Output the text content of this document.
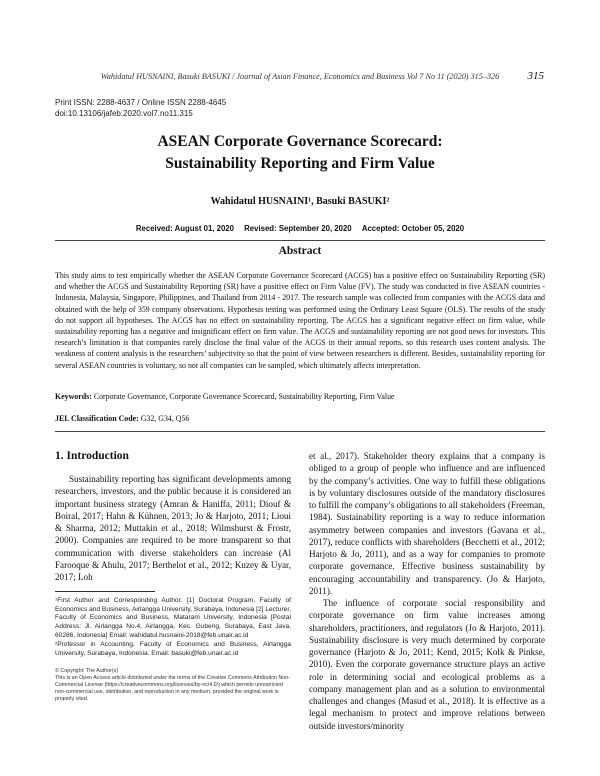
Wahidatul HUSNAINI, Basuki BASUKI / Journal of Asian Finance, Economics and Business Vol 7 No 11 (2020) 315–326	315
Print ISSN: 2288-4637 / Online ISSN 2288-4645
doi:10.13106/jafeb.2020.vol7.no11.315
ASEAN Corporate Governance Scorecard:
Sustainability Reporting and Firm Value
Wahidatul HUSNAINI¹, Basuki BASUKI²
Received: August 01, 2020 Revised: September 20, 2020 Accepted: October 05, 2020
Abstract
This study aims to test empirically whether the ASEAN Corporate Governance Scorecard (ACGS) has a positive effect on Sustainability Reporting (SR) and whether the ACGS and Sustainability Reporting (SR) have a positive effect on Firm Value (FV). The study was conducted in five ASEAN countries - Indonesia, Malaysia, Singapore, Philippines, and Thailand from 2014 - 2017. The research sample was collected from companies with the ACGS data and obtained with the help of 359 company observations. Hypothesis testing was performed using the Ordinary Least Square (OLS). The results of the study do not support all hypotheses. The ACGS has no effect on sustainability reporting. The ACGS has a significant negative effect on firm value, while sustainability reporting has a negative and insignificant effect on firm value. The ACGS and sustainability reporting are not good news for investors. This research’s limitation is that companies rarely disclose the final value of the ACGS in their annual reports, so this research uses content analysis. The weakness of content analysis is the researchers’ subjectivity so that the point of view between researchers is different. Besides, sustainability reporting for several ASEAN countries is voluntary, so not all companies can be sampled, which ultimately affects interpretation.
Keywords: Corporate Governance, Corporate Governance Scorecard, Sustainability Reporting, Firm Value
JEL Classification Code: G32, G34, Q56
1. Introduction

Sustainability reporting has significant developments among researchers, investors, and the public because it is considered an important business strategy (Amran & Haniffa, 2011; Diouf & Boiral, 2017; Hahn & Kühnen, 2013; Jo & Harjoto, 2011; Lioui & Sharma, 2012; Muttakin et al., 2018; Wilmshurst & Frostr, 2000). Companies are required to be more transparent so that communication with diverse stakeholders can increase (Al Farooque & Ahulu, 2017; Berthelot et al., 2012; Kuzey & Uyar, 2017; Loh

¹First Author and Corresponding Author. [1] Doctoral Program, Faculty of Economics and Business, Airlangga University, Surabaya, Indonesia [2] Lecturer, Faculty of Economics and Business, Mataram University, Indonesia [Postal Address: Jl. Airlangga No.4, Airlangga, Kec. Gubeng, Surabaya, East Java, 60286, Indonesia] Email: wahidatul.husnaini-2018@feb.unair.ac.id

²Professor in Accounting, Faculty of Economics and Business, Airlangga University, Surabaya, Indonesia. Email: basuki@feb.unair.ac.id

© Copyright: The Author(s)

This is an Open Access article distributed under the terms of the Creative Commons Attribution Non-Commercial License (https://creativecommons.org/licenses/by-nc/4.0/) which permits unrestricted non-commercial use, distribution, and reproduction in any medium, provided the original work is properly cited.

et al., 2017). Stakeholder theory explains that a company is obliged to a group of people who influence and are influenced by the company’s activities. One way to fulfill these obligations is by voluntary disclosures outside of the mandatory disclosures to fulfill the company’s obligations to all stakeholders (Freeman, 1984). Sustainability reporting is a way to reduce information asymmetry between companies and investors (Gavana et al., 2017), reduce conflicts with shareholders (Becchetti et al., 2012; Harjoto & Jo, 2011), and as a way for companies to promote corporate governance. Effective business sustainability by encouraging accountability and transparency. (Jo & Harjoto, 2011).

The influence of corporate social responsibility and corporate governance on firm value increases among shareholders, practitioners, and regulators (Jo & Harjoto, 2011). Sustainability disclosure is very much determined by corporate governance (Harjoto & Jo, 2011; Kend, 2015; Kolk & Pinkse, 2010). Even the corporate governance structure plays an active role in determining social and ecological problems as a company management plan and as a solution to environmental challenges and changes (Masud et al., 2018). It is effective as a legal mechanism to protect and improve relations between outside investors/minority
